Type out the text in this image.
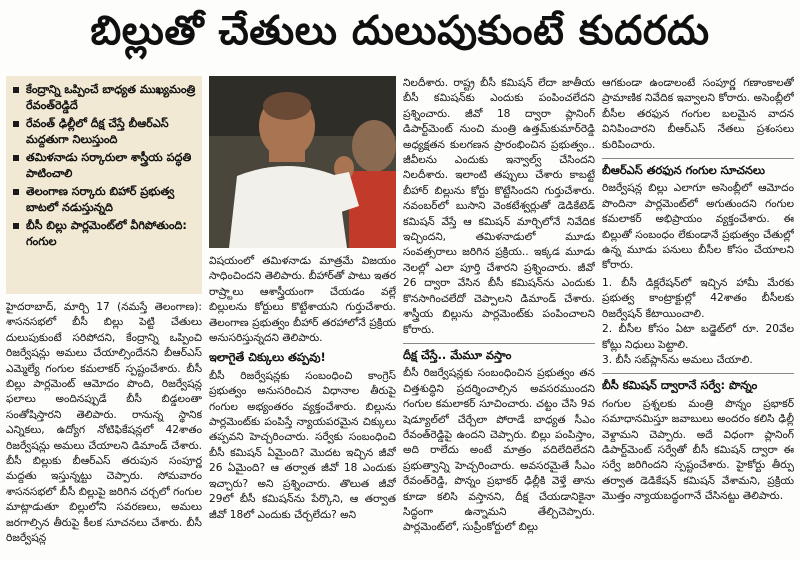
బిల్లుతో చేతులు దులుపుకుంటే కుదరదు
కేంద్రాన్ని ఒప్పించే బాధ్యత ముఖ్యమంత్రి రేవంత్‌రెడ్డిదే
రేవంత్ ఢిల్లీలో దీక్ష చేస్తే బీఆర్ఎస్ మద్దతుగా నిలుస్తుంది
తమిళనాడు సర్కారులా శాస్త్రీయ పద్ధతి పాటించాలి
తెలంగాణ సర్కారు బిహార్ ప్రభుత్వ బాటలో నడుస్తున్నది
బీసీ బిల్లు పార్లమెంట్‌లో వీగిపోతుంది: గంగుల

హైదరాబాద్, మార్చి 17 (నమస్తే తెలంగాణ): శాసనసభలో బీసీ బిల్లు పెట్టి చేతులు దులుపుకుంటే సరిపోదని, కేంద్రాన్ని ఒప్పించి రిజర్వేషన్లు అమలు చేయాల్సిందేనని బీఆర్ఎస్ ఎమ్మెల్యే గంగుల కమలాకర్ స్పష్టంచేశారు. బీసీ బిల్లు పార్లమెంట్ ఆమోదం పొంది, రిజర్వేషన్ల ఫలాలు అందినప్పుడే బీసీ బిడ్డలంతా సంతోషిస్తారని తెలిపారు. రానున్న స్థానిక ఎన్నికలు, ఉద్యోగ నోటిఫికేషన్లలో 42శాతం రిజర్వేషన్లు అమలు చేయాలని డిమాండ్ చేశారు. బీసీ బిల్లుకు బీఆర్ఎస్ తరుపున సంపూర్ణ మద్దతు ఇస్తున్నట్టు చెప్పారు. సోమవారం శాసనసభలో బీసీ బిల్లుపై జరిగిన చర్చలో గంగుల మాట్లాడుతూ బిల్లులోని సవరణలు, అమలు జరగాల్సిన తీరుపై కీలక సూచనలు చేశారు. బీసీ రిజర్వేషన్ల

విషయంలో తమిళనాడు మాత్రమే విజయం సాధించిందని తెలిపారు. బీహార్‌తో పాటు ఇతర రాష్ర్టాలు ఆశాస్త్రీయంగా చేయడం వల్లే బిల్లులను కోర్టులు కొట్టేశాయని గుర్తుచేశారు. తెలంగాణ ప్రభుత్వం బీహార్ తరహాలోనే ప్రక్రియ అనుసరిస్తున్నదని తెలిపారు.

ఇలాగైతే చిక్కులు తప్పవు!

బీసీ రిజర్వేషన్లకు సంబంధించి కాంగ్రెస్ ప్రభుత్వం అనుసరించిన విధానాల తీరుపై గంగుల అభ్యంతరం వ్యక్తంచేశారు. బిల్లును పార్లమెంట్‌కు పంపిస్తే న్యాయపరమైన చిక్కులు తప్పవని హెచ్చరించారు. సర్వేకు సంబంధించి బీసీ కమిషన్ ఏమైంది? మొదట ఇచ్చిన జీవో 26 ఏమైంది? ఆ తర్వాత జీవో 18 ఎందుకు ఇచ్చారు? అని ప్రశ్నించారు. తొలుత జీవో 29లో బీసీ కమిషన్‌ను పేర్కొని, ఆ తర్వాత జీవో 18లో ఎందుకు చేర్చలేదు? అని

నిలదీశారు. రాష్ట్ర బీసీ కమిషన్ లేదా జాతీయ బీసీ కమిషన్‌కు ఎందుకు పంపించలేదని ప్రశ్నించారు. జీవో 18 ద్వారా ప్లానింగ్ డిపార్ట్‌మెంట్ నుంచి మంత్రి ఉత్తమ్‌కుమార్‌రెడ్డి అధ్యక్షతన కులగణన ప్రారంభించిన ప్రభుత్వం.. జీవీలను ఎందుకు ఇన్వాల్వ్ చేసిందని నిలదీశారు. ఇలాంటి తప్పులు చేశారు కాబట్టే బీహార్ బిల్లును కోర్టు కొట్టేసిందని గుర్తుచేశారు. నవంబర్‌లో బుసాని వెంకటేశ్వర్లుతో డెడికేటెడ్ కమిషన్ వేస్తే ఆ కమిషన్ మార్చిలోనే నివేదిక ఇచ్చిందని, తమిళనాడులో మూడు సంవత్సరాలు జరిగిన ప్రక్రియ.. ఇక్కడ మూడు నెలల్లో ఎలా పూర్తి చేశారని ప్రశ్నించారు. జీవో 26 ద్వారా వేసిన బీసీ కమిషన్‌ను ఎందుకు కొనసాగించలేదో చెప్పాలని డిమాండ్ చేశారు. శాస్త్రీయ బిల్లును పార్లమెంట్‌కు పంపించాలని కోరారు.

దీక్ష చేస్తే.. మేమూ వస్తాం

బీసీ రిజర్వేషన్లకు సంబంధించిన ప్రభుత్వం తన చిత్తశుద్ధిని ప్రదర్శించాల్సిన అవసరముందని గంగుల కమలాకర్ సూచించారు. చట్టం చేసి 9వ షెడ్యూల్‌లో చేర్చేలా పోరాడే బాధ్యత సీఎం రేవంత్‌రెడ్డిపై ఉందని చెప్పారు. బిల్లు పంపిస్తాం, అది రాలేదు అంటే మాత్రం వదిలేదిలేదని ప్రభుత్వాన్ని హెచ్చరించారు. అవసరమైతే సీఎం రేవంత్‌రెడ్డి, పొన్నం ప్రభాకర్ ఢిల్లీకి వెళ్తే తాను కూడా కలిసి వస్తానని, దీక్ష చేయడానికైనా సిద్ధంగా ఉన్నామని తేల్చిచెప్పారు. పార్లమెంట్‌లో, సుప్రీంకోర్టులో బిల్లు

ఆగకుండా ఉండాలంటే సంపూర్ణ గణాంకాలతో ప్రామాణిక నివేదిక ఇవ్వాలని కోరారు. అసెంబ్లీలో బీసీల తరఫున గంగుల బలమైన వాదన వినిపించారని బీఆర్ఎస్ నేతలు ప్రశంసలు కురిపించారు.

బీఆర్ఎస్ తరఫున గంగుల సూచనలు

రిజర్వేషన్ల బిల్లు ఎలాగూ అసెంబ్లీలో ఆమోదం పొందినా పార్లమెంట్‌లో అగుతుందని గంగుల కమలాకర్ అభిప్రాయం వ్యక్తంచేశారు. ఈ బిల్లుతో సంబంధం లేకుండానే ప్రభుత్వం చేతుల్లో ఉన్న మూడు పనులు బీసీల కోసం చేయాలని కోరారు.

1. బీసీ డిక్లరేషన్‌లో ఇచ్చిన హామీ మేరకు ప్రభుత్వ కాంట్రాక్టుల్లో 42శాతం బీసీలకు రిజర్వేషన్ కేటాయించాలి.
2. బీసీల కోసం ఏటా బడ్జెట్‌లో రూ. 20వేల కోట్లు నిధులు పెట్టాలి.
3. బీసీ సబ్‌ప్లాన్‌ను అమలు చేయాలి.
బీసీ కమిషన్ ద్వారానే సర్వే: పొన్నం

గంగుల ప్రశ్నలకు మంత్రి పొన్నం ప్రభాకర్ సమాధానమిస్తూ జవాబులు అందరం కలిసి ఢిల్లీ వెళ్దామని చెప్పారు. అదే విధంగా ప్లానింగ్ డిపార్ట్‌మెంట్ సర్వేతో బీసీ కమిషన్ ద్వారా ఈ సర్వే జరిగిందని స్పష్టంచేశారు. హైకోర్టు తీర్పు తర్వాత డెడికేషన్ కమిషన్ వేశామని, ప్రక్రియ మొత్తం న్యాయబద్ధంగానే చేసినట్టు తెలిపారు.
